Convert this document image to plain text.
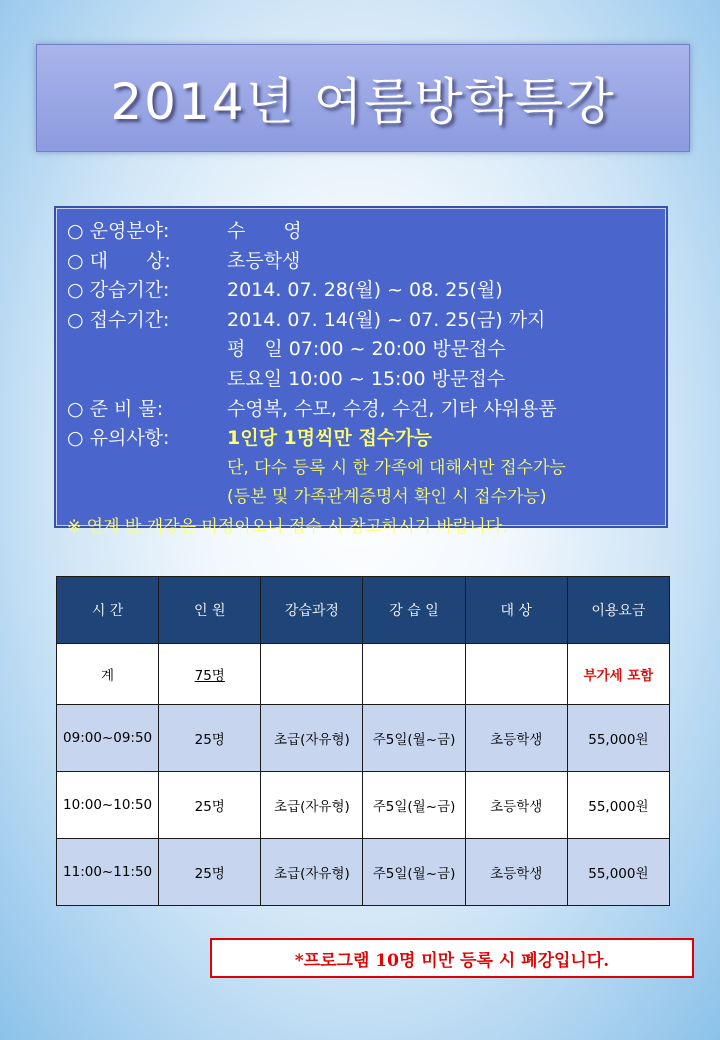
2014년 여름방학특강
○ 운영분야:	수　　영
○ 대　　상:	초등학생
○ 강습기간:	2014. 07. 28(월) ~ 08. 25(월)
○ 접수기간:	2014. 07. 14(월) ~ 07. 25(금) 까지
평　일 07:00 ~ 20:00 방문접수
토요일 10:00 ~ 15:00 방문접수
○ 준 비 물:	수영복, 수모, 수경, 수건, 기타 샤워용품
○ 유의사항:	1인당 1명씩만 접수가능
단, 다수 등록 시 한 가족에 대해서만 접수가능
(등본 및 가족관계증명서 확인 시 접수가능)
※ 연계 반 개강은 미정이오니 접수 시 참고하시기 바랍니다.
시 간	인 원	강습과정	강 습 일	대 상	이용요금
계	75명				부가세 포함
09:00~09:50	25명	초급(자유형)	주5일(월~금)	초등학생	55,000원
10:00~10:50	25명	초급(자유형)	주5일(월~금)	초등학생	55,000원
11:00~11:50	25명	초급(자유형)	주5일(월~금)	초등학생	55,000원
*프로그램 10명 미만 등록 시 폐강입니다.
